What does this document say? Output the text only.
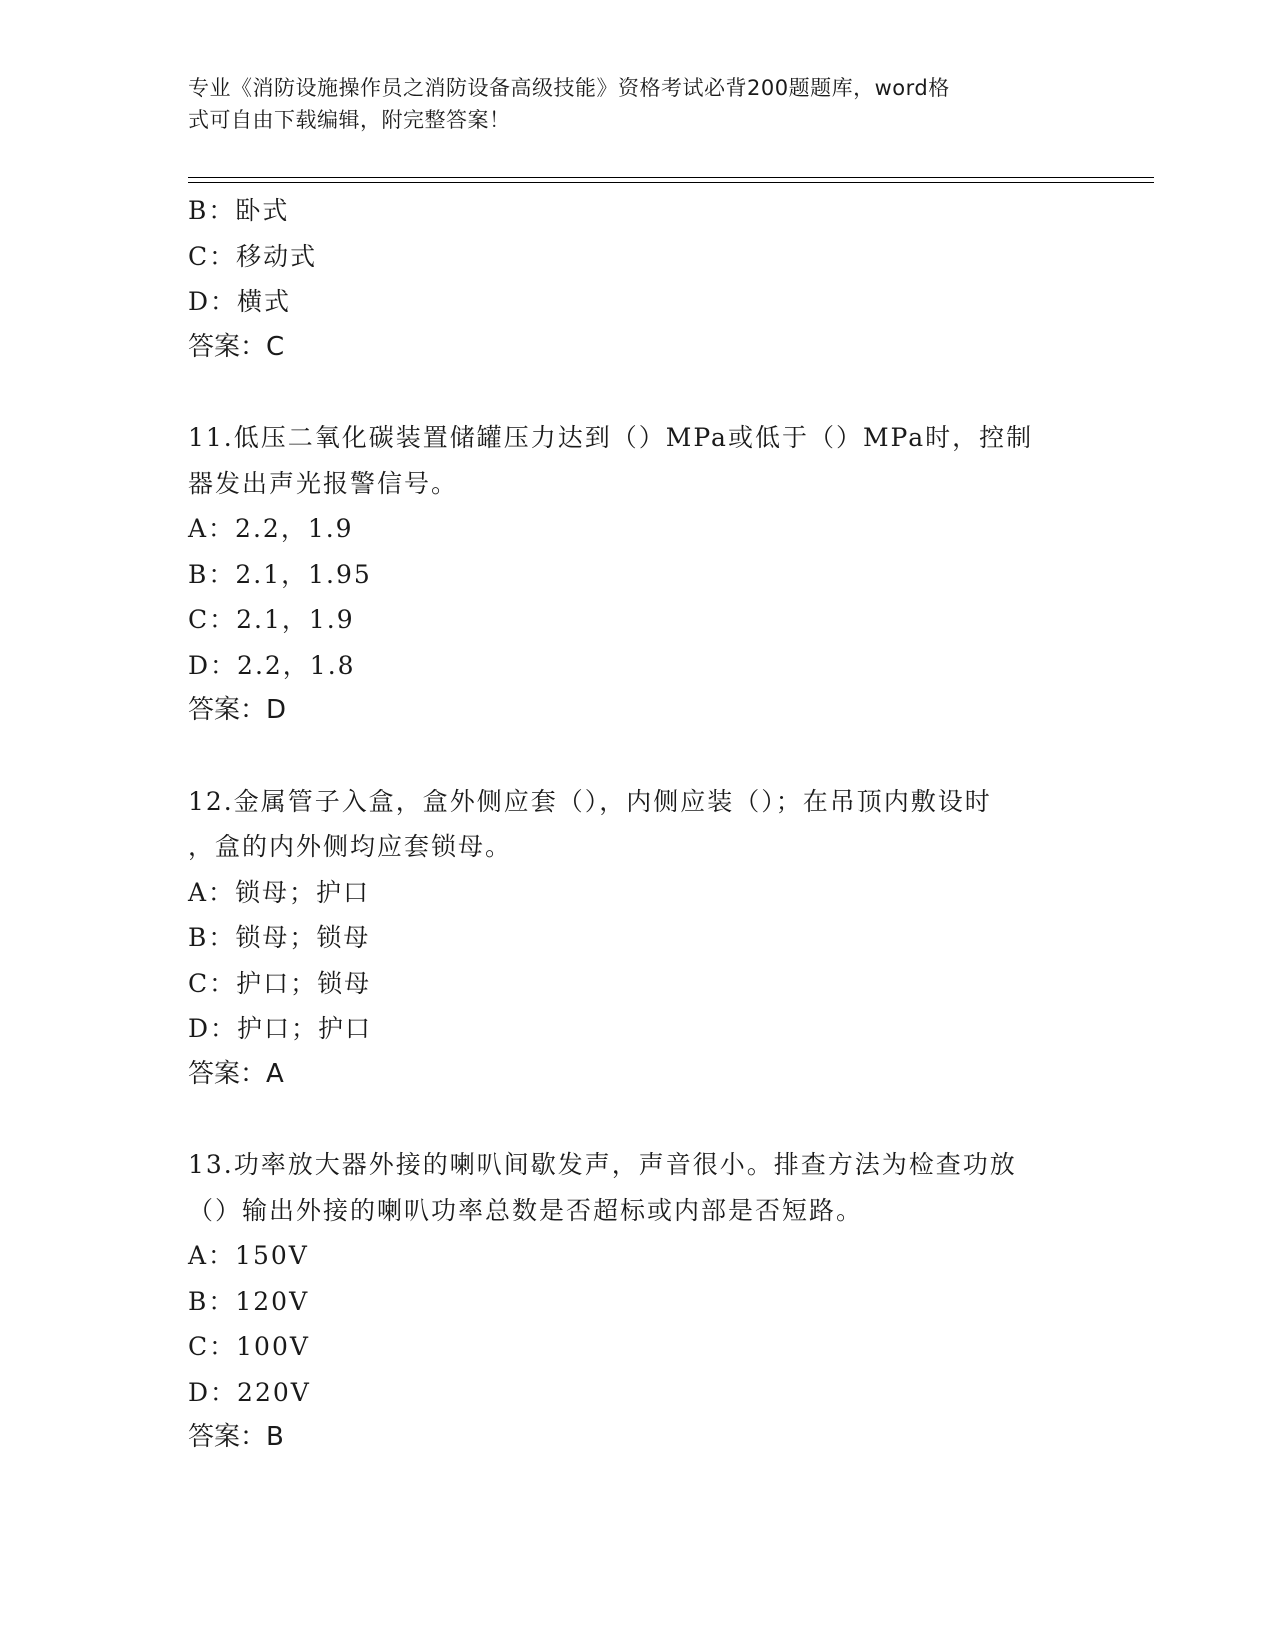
专业《消防设施操作员之消防设备高级技能》资格考试必背200题题库，word格
式可自由下载编辑，附完整答案！
B：卧式
C：移动式
D：横式
答案：C
11.低压二氧化碳装置储罐压力达到（）MPa或低于（）MPa时，控制
器发出声光报警信号。
A：2.2，1.9
B：2.1，1.95
C：2.1，1.9
D：2.2，1.8
答案：D
12.金属管子入盒，盒外侧应套（），内侧应装（）；在吊顶内敷设时
，盒的内外侧均应套锁母。
A：锁母；护口
B：锁母；锁母
C：护口；锁母
D：护口；护口
答案：A
13.功率放大器外接的喇叭间歇发声，声音很小。排查方法为检查功放
（）输出外接的喇叭功率总数是否超标或内部是否短路。
A：150V
B：120V
C：100V
D：220V
答案：B
